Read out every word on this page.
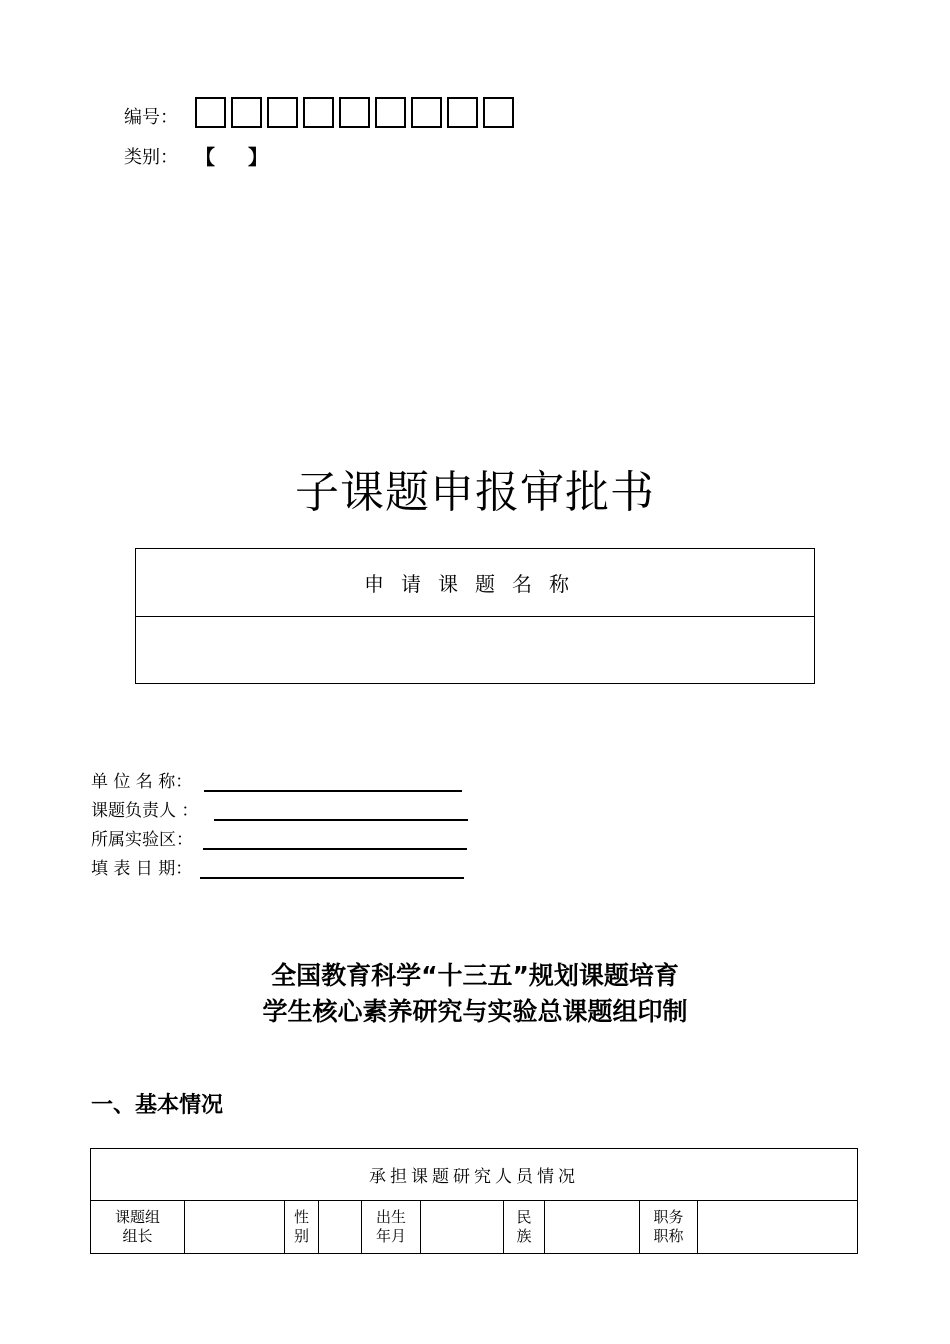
编号：
类别： 【 】
子课题申报审批书
申请课题名称
单 位 名 称：
课题负责人 ：
所属实验区：
填 表 日 期：
全国教育科学“十三五”规划课题培育
学生核心素养研究与实验总课题组印制
一、基本情况
承担课题研究人员情况
课题组
组长
性
别
出生
年月
民
族
职务
职称
